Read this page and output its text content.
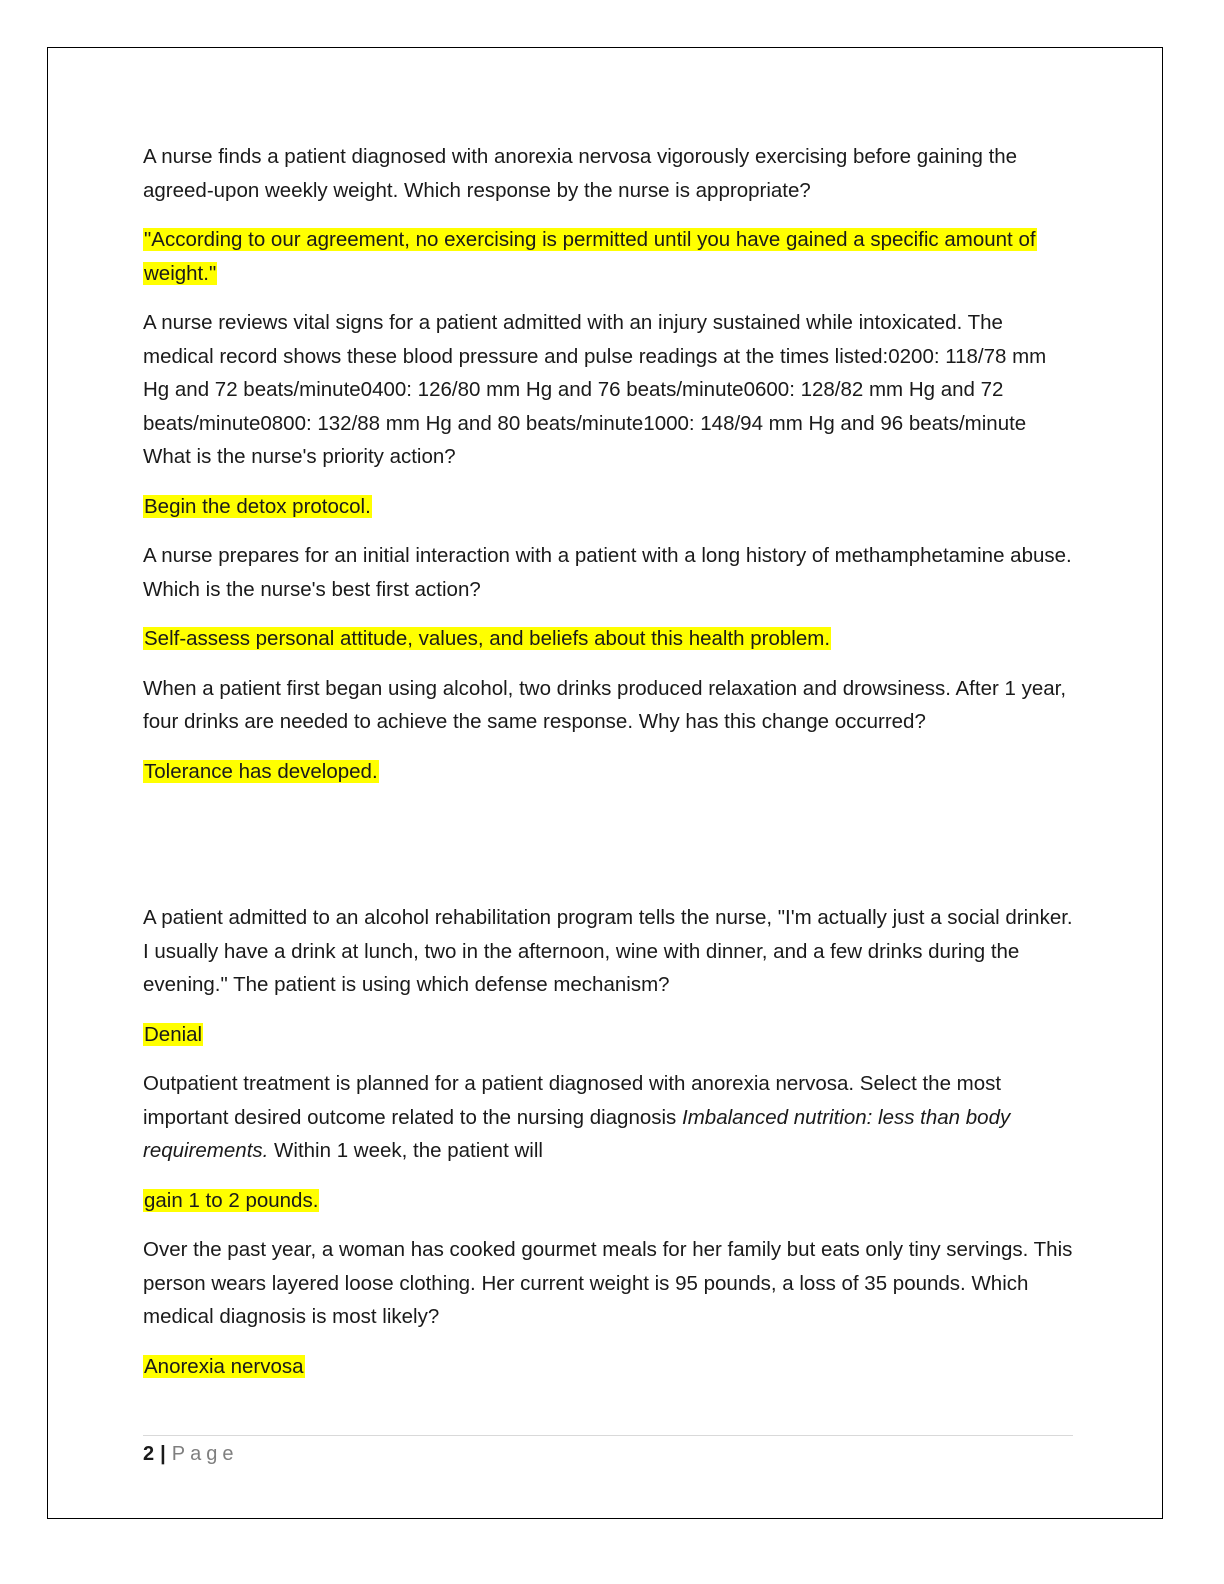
A nurse finds a patient diagnosed with anorexia nervosa vigorously exercising before gaining the agreed-upon weekly weight. Which response by the nurse is appropriate?

"According to our agreement, no exercising is permitted until you have gained a specific amount of weight."

A nurse reviews vital signs for a patient admitted with an injury sustained while intoxicated. The medical record shows these blood pressure and pulse readings at the times listed:0200: 118/78 mm Hg and 72 beats/minute0400: 126/80 mm Hg and 76 beats/minute0600: 128/82 mm Hg and 72 beats/minute0800: 132/88 mm Hg and 80 beats/minute1000: 148/94 mm Hg and 96 beats/minute What is the nurse's priority action?

Begin the detox protocol.

A nurse prepares for an initial interaction with a patient with a long history of methamphetamine abuse. Which is the nurse's best first action?

Self-assess personal attitude, values, and beliefs about this health problem.

When a patient first began using alcohol, two drinks produced relaxation and drowsiness. After 1 year, four drinks are needed to achieve the same response. Why has this change occurred?

Tolerance has developed.

A patient admitted to an alcohol rehabilitation program tells the nurse, "I'm actually just a social drinker. I usually have a drink at lunch, two in the afternoon, wine with dinner, and a few drinks during the evening." The patient is using which defense mechanism?

Denial

Outpatient treatment is planned for a patient diagnosed with anorexia nervosa. Select the most important desired outcome related to the nursing diagnosis Imbalanced nutrition: less than body requirements. Within 1 week, the patient will

gain 1 to 2 pounds.

Over the past year, a woman has cooked gourmet meals for her family but eats only tiny servings. This person wears layered loose clothing. Her current weight is 95 pounds, a loss of 35 pounds. Which medical diagnosis is most likely?

Anorexia nervosa

2 | Page
